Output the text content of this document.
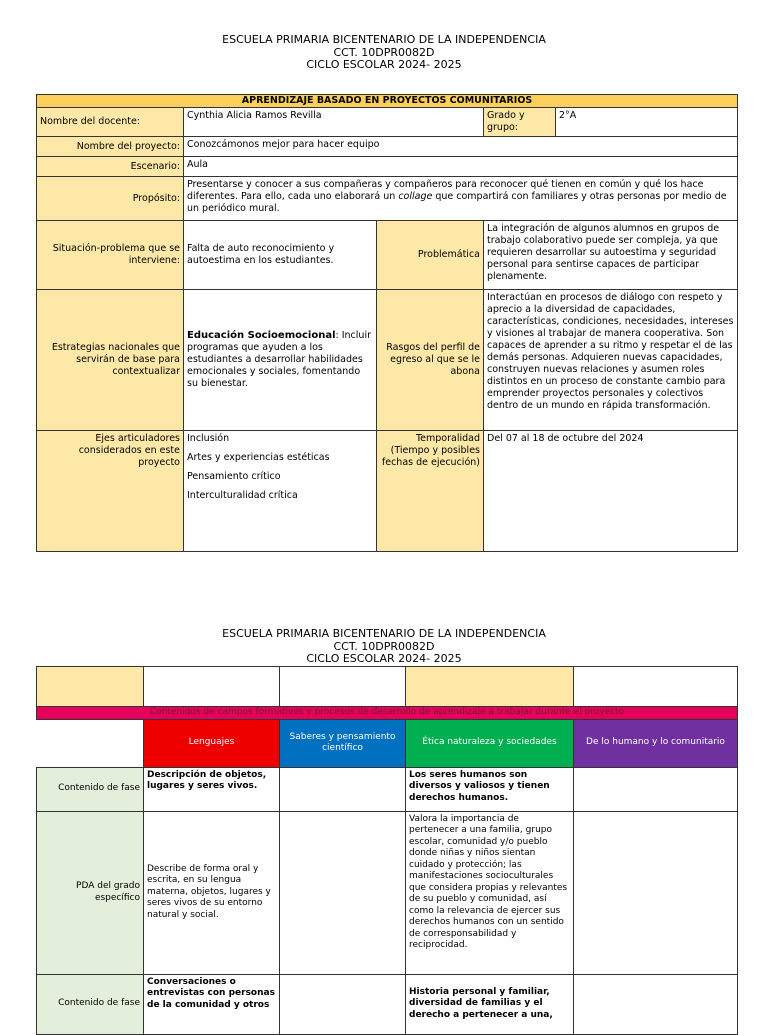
ESCUELA PRIMARIA BICENTENARIO DE LA INDEPENDENCIA
CCT. 10DPR0082D
CICLO ESCOLAR 2024- 2025
APRENDIZAJE BASADO EN PROYECTOS COMUNITARIOS				
Nombre del docente:	Cynthia Alicia Ramos Revilla		Grado y grupo:	2°A
Nombre del proyecto:	Conozcámonos mejor para hacer equipo			
Escenario:	Aula			
Propósito:	Presentarse y conocer a sus compañeras y compañeros para reconocer qué tienen en común y qué los hace diferentes. Para ello, cada uno elaborará un collage que compartirá con familiares y otras personas por medio de un periódico mural.			
Situación-problema que se interviene:	Falta de auto reconocimiento y autoestima en los estudiantes.	Problemática	La integración de algunos alumnos en grupos de trabajo colaborativo puede ser compleja, ya que requieren desarrollar su autoestima y seguridad personal para sentirse capaces de participar plenamente.	
Estrategias nacionales que servirán de base para contextualizar	Educación Socioemocional: Incluir programas que ayuden a los estudiantes a desarrollar habilidades emocionales y sociales, fomentando su bienestar.	Rasgos del perfil de egreso al que se le abona	Interactúan en procesos de diálogo con respeto y aprecio a la diversidad de capacidades, características, condiciones, necesidades, intereses y visiones al trabajar de manera cooperativa. Son capaces de aprender a su ritmo y respetar el de las demás personas. Adquieren nuevas capacidades, construyen nuevas relaciones y asumen roles distintos en un proceso de constante cambio para emprender proyectos personales y colectivos dentro de un mundo en rápida transformación.	
Ejes articuladores considerados en este proyecto	Inclusión
Artes y experiencias estéticas
Pensamiento crítico
Interculturalidad crítica	Temporalidad (Tiempo y posibles fechas de ejecución)	Del 07 al 18 de octubre del 2024	
ESCUELA PRIMARIA BICENTENARIO DE LA INDEPENDENCIA
CCT. 10DPR0082D
CICLO ESCOLAR 2024- 2025

Contenidos de campos formativos y procesos de desarrollo de aprendizaje a trabajar durante el proyecto				
	Lenguajes	Saberes y pensamiento científico	Ética naturaleza y sociedades	De lo humano y lo comunitario
Contenido de fase	Descripción de objetos, lugares y seres vivos.		Los seres humanos son diversos y valiosos y tienen derechos humanos.	
PDA del grado específico	Describe de forma oral y escrita, en su lengua materna, objetos, lugares y seres vivos de su entorno natural y social.		Valora la importancia de pertenecer a una familia, grupo escolar, comunidad y/o pueblo donde niñas y niños sientan cuidado y protección; las manifestaciones socioculturales que considera propias y relevantes de su pueblo y comunidad, así como la relevancia de ejercer sus derechos humanos con un sentido de corresponsabilidad y reciprocidad.	
Contenido de fase	Conversaciones o entrevistas con personas de la comunidad y otros		Historia personal y familiar, diversidad de familias y el derecho a pertenecer a una,	
